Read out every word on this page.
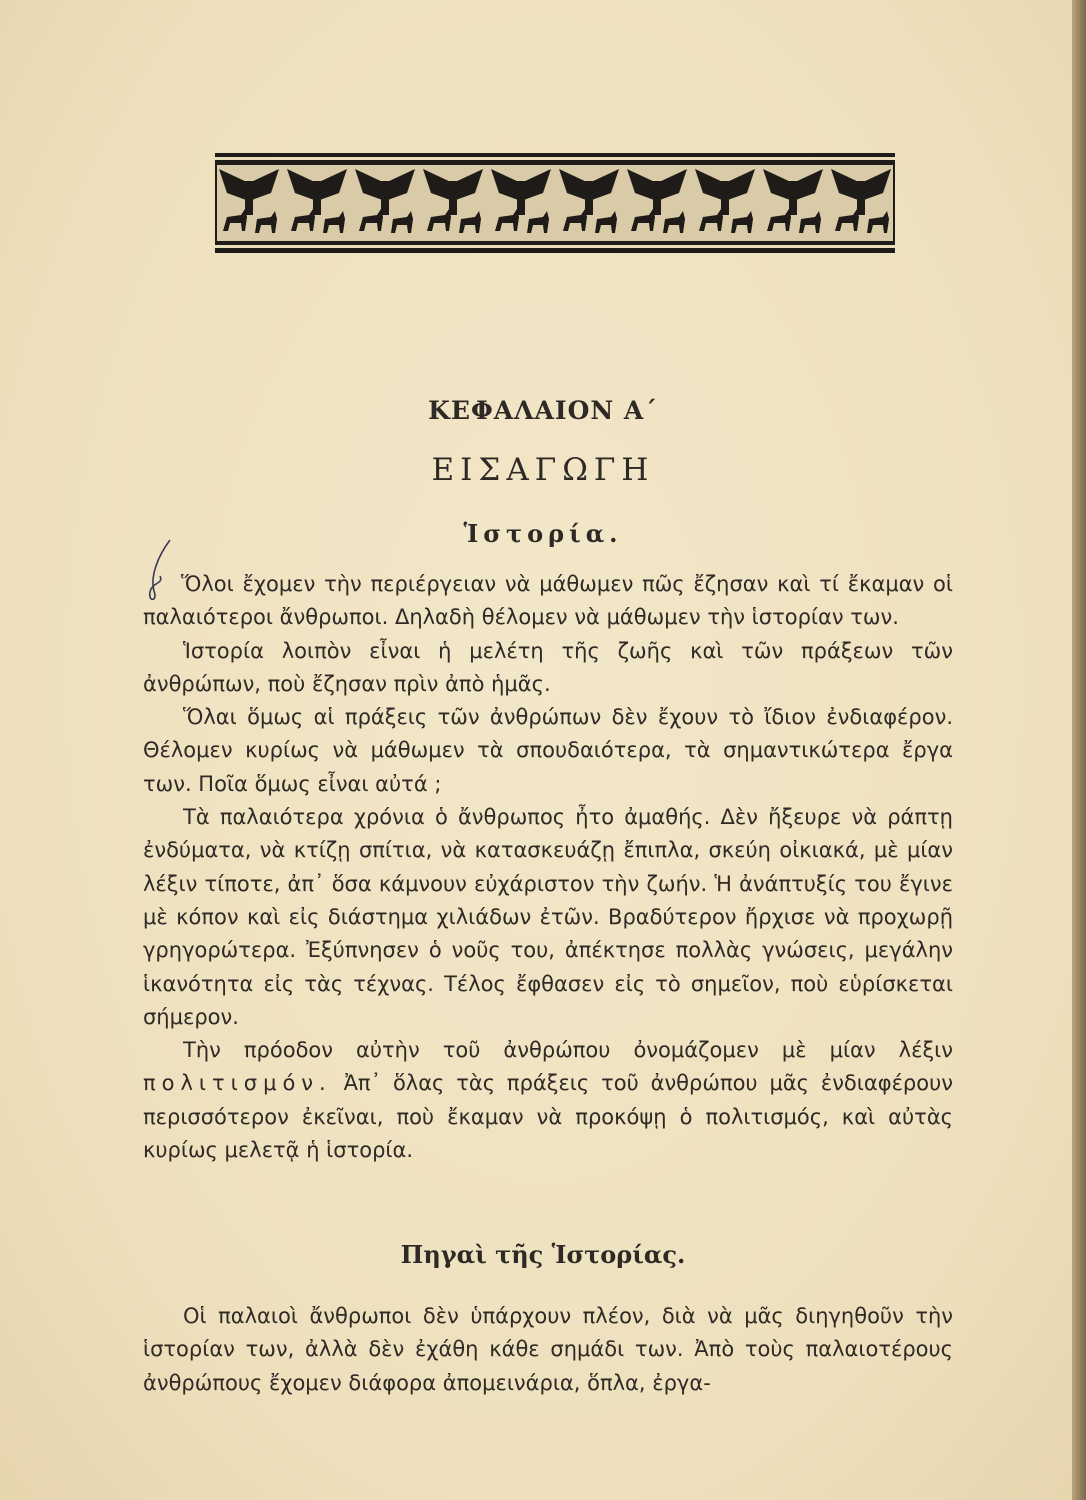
ΚΕΦΑΛΑΙΟΝ Α΄
ΕΙΣΑΓΩΓΗ
Ἱστορία.

Ὅλοι ἔχομεν τὴν περιέργειαν νὰ μάθωμεν πῶς ἔζησαν καὶ τί ἔκαμαν οἱ παλαιότεροι ἄνθρωποι. Δηλαδὴ θέλομεν νὰ μάθωμεν τὴν ἱστορίαν των.

Ἱστορία λοιπὸν εἶναι ἡ μελέτη τῆς ζωῆς καὶ τῶν πράξεων τῶν ἀνθρώπων, ποὺ ἔζησαν πρὶν ἀπὸ ἡμᾶς.

Ὅλαι ὅμως αἱ πράξεις τῶν ἀνθρώπων δὲν ἔχουν τὸ ἴδιον ἐνδιαφέρον. Θέλομεν κυρίως νὰ μάθωμεν τὰ σπουδαιότερα, τὰ σημαντικώτερα ἔργα των. Ποῖα ὅμως εἶναι αὐτά ;

Τὰ παλαιότερα χρόνια ὁ ἄνθρωπος ἦτο ἀμαθής. Δὲν ἤξευρε νὰ ράπτῃ ἐνδύματα, νὰ κτίζῃ σπίτια, νὰ κατασκευάζῃ ἔπιπλα, σκεύη οἰκιακά, μὲ μίαν λέξιν τίποτε, ἀπ᾿ ὅσα κάμνουν εὐχάριστον τὴν ζωήν. Ἡ ἀνάπτυξίς του ἔγινε μὲ κόπον καὶ εἰς διάστημα χιλιάδων ἐτῶν. Βραδύτερον ἤρχισε νὰ προχωρῇ γρηγορώτερα. Ἐξύπνησεν ὁ νοῦς του, ἀπέκτησε πολλὰς γνώσεις, μεγάλην ἱκανότητα εἰς τὰς τέχνας. Τέλος ἔφθασεν εἰς τὸ σημεῖον, ποὺ εὑρίσκεται σήμερον.

Τὴν πρόοδον αὐτὴν τοῦ ἀνθρώπου ὀνομάζομεν μὲ μίαν λέξιν πολιτισμόν. Ἀπ᾿ ὅλας τὰς πράξεις τοῦ ἀνθρώπου μᾶς ἐνδιαφέρουν περισσότερον ἐκεῖναι, ποὺ ἔκαμαν νὰ προκόψῃ ὁ πολιτισμός, καὶ αὐτὰς κυρίως μελετᾷ ἡ ἱστορία.

Πηγαὶ τῆς Ἱστορίας.

Οἱ παλαιοὶ ἄνθρωποι δὲν ὑπάρχουν πλέον, διὰ νὰ μᾶς διηγηθοῦν τὴν ἱστορίαν των, ἀλλὰ δὲν ἐχάθη κάθε σημάδι των. Ἀπὸ τοὺς παλαιοτέρους ἀνθρώπους ἔχομεν διάφορα ἀπομεινάρια, ὅπλα, ἐργα-
